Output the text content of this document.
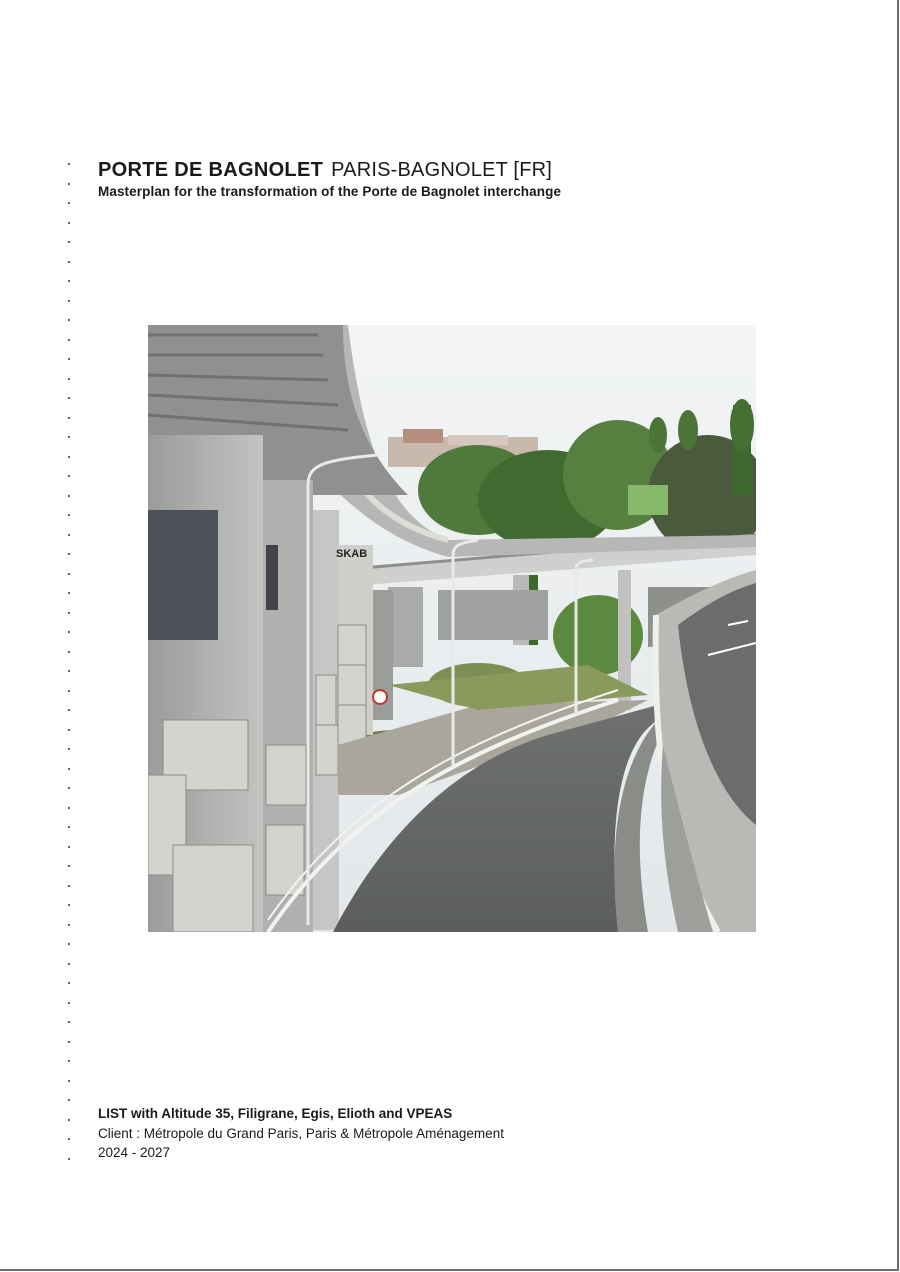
PORTE DE BAGNOLET PARIS-BAGNOLET [FR]
Masterplan for the transformation of the Porte de Bagnolet interchange
SKAB
LIST with Altitude 35, Filigrane, Egis, Elioth and VPEAS
Client : Métropole du Grand Paris, Paris & Métropole Aménagement
2024 - 2027
